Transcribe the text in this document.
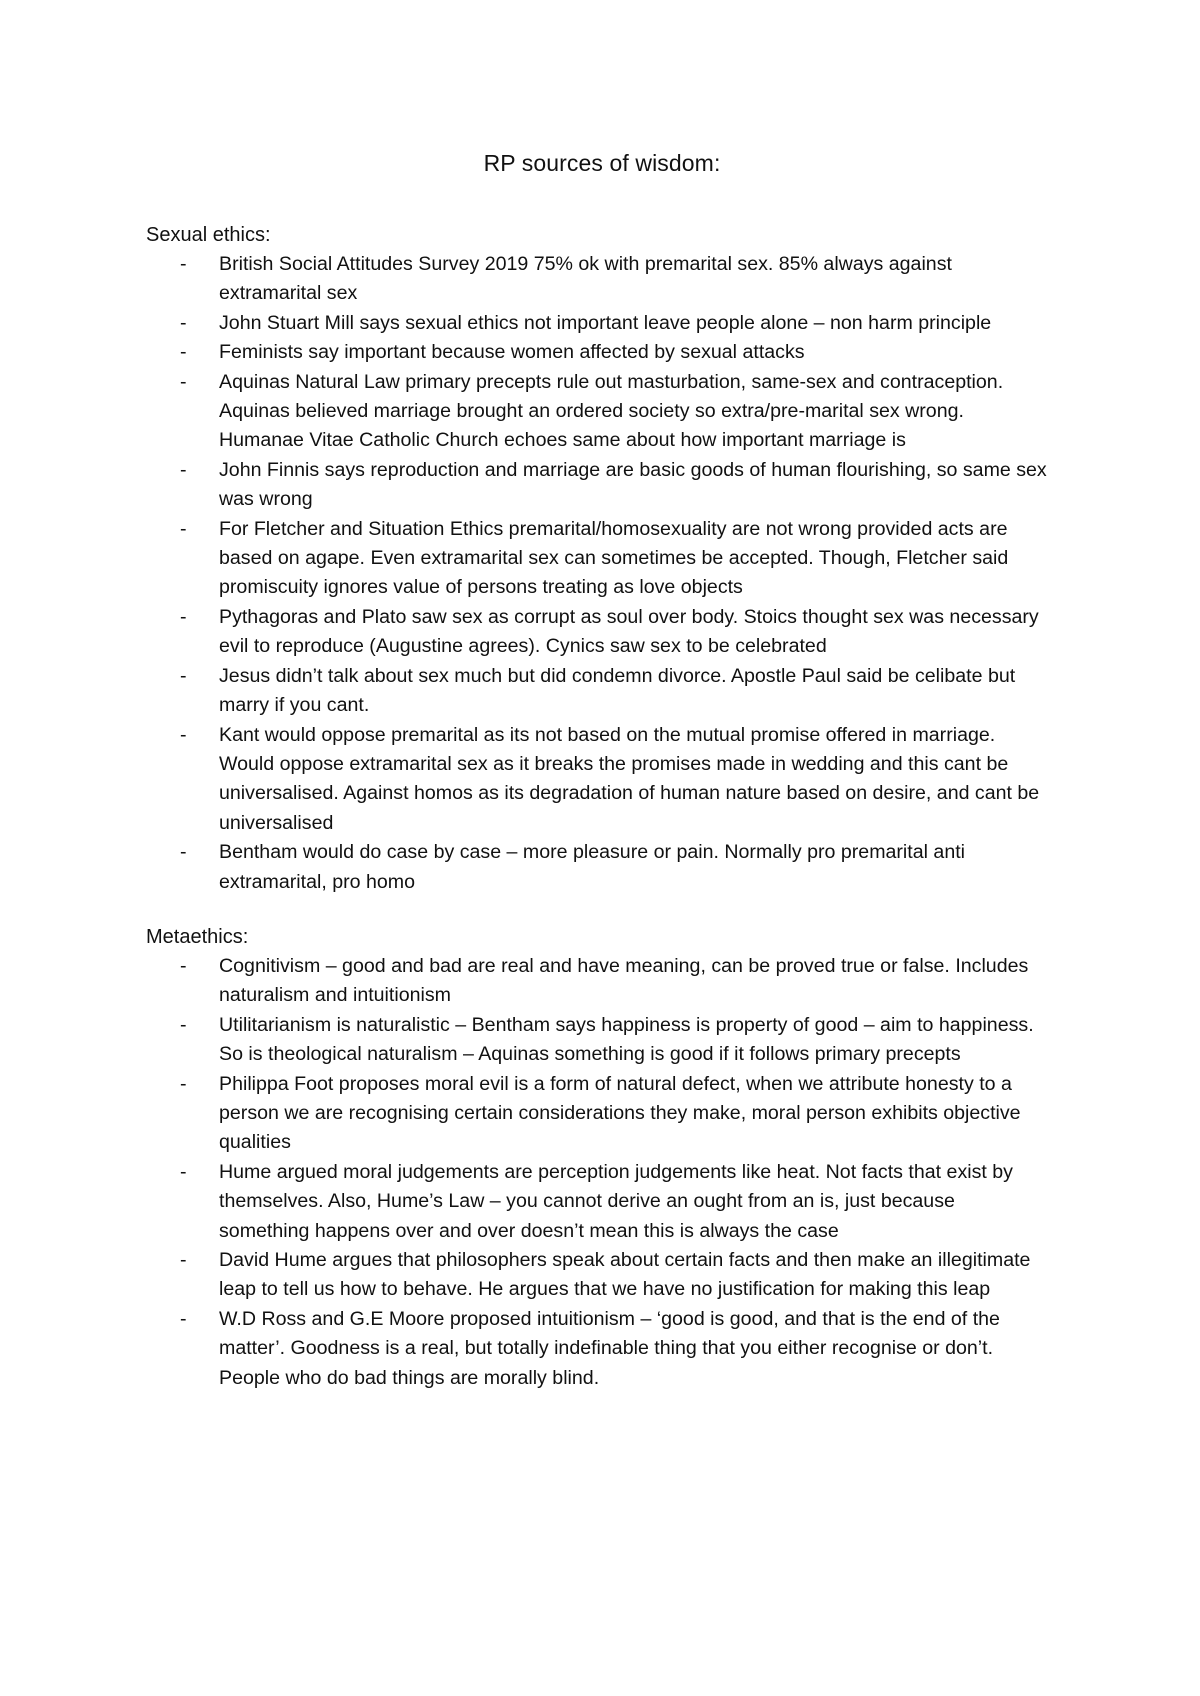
RP sources of wisdom:

Sexual ethics:

- British Social Attitudes Survey 2019 75% ok with premarital sex. 85% always against extramarital sex
- John Stuart Mill says sexual ethics not important leave people alone – non harm principle
- Feminists say important because women affected by sexual attacks
- Aquinas Natural Law primary precepts rule out masturbation, same-sex and contraception. Aquinas believed marriage brought an ordered society so extra/pre-marital sex wrong. Humanae Vitae Catholic Church echoes same about how important marriage is
- John Finnis says reproduction and marriage are basic goods of human flourishing, so same sex was wrong
- For Fletcher and Situation Ethics premarital/homosexuality are not wrong provided acts are based on agape. Even extramarital sex can sometimes be accepted. Though, Fletcher said promiscuity ignores value of persons treating as love objects
- Pythagoras and Plato saw sex as corrupt as soul over body. Stoics thought sex was necessary evil to reproduce (Augustine agrees). Cynics saw sex to be celebrated
- Jesus didn’t talk about sex much but did condemn divorce. Apostle Paul said be celibate but marry if you cant.
- Kant would oppose premarital as its not based on the mutual promise offered in marriage. Would oppose extramarital sex as it breaks the promises made in wedding and this cant be universalised. Against homos as its degradation of human nature based on desire, and cant be universalised
- Bentham would do case by case – more pleasure or pain. Normally pro premarital anti extramarital, pro homo

Metaethics:

- Cognitivism – good and bad are real and have meaning, can be proved true or false. Includes naturalism and intuitionism
- Utilitarianism is naturalistic – Bentham says happiness is property of good – aim to happiness. So is theological naturalism – Aquinas something is good if it follows primary precepts
- Philippa Foot proposes moral evil is a form of natural defect, when we attribute honesty to a person we are recognising certain considerations they make, moral person exhibits objective qualities
- Hume argued moral judgements are perception judgements like heat. Not facts that exist by themselves. Also, Hume’s Law – you cannot derive an ought from an is, just because something happens over and over doesn’t mean this is always the case
- David Hume argues that philosophers speak about certain facts and then make an illegitimate leap to tell us how to behave. He argues that we have no justification for making this leap
- W.D Ross and G.E Moore proposed intuitionism – ‘good is good, and that is the end of the matter’. Goodness is a real, but totally indefinable thing that you either recognise or don’t. People who do bad things are morally blind.
